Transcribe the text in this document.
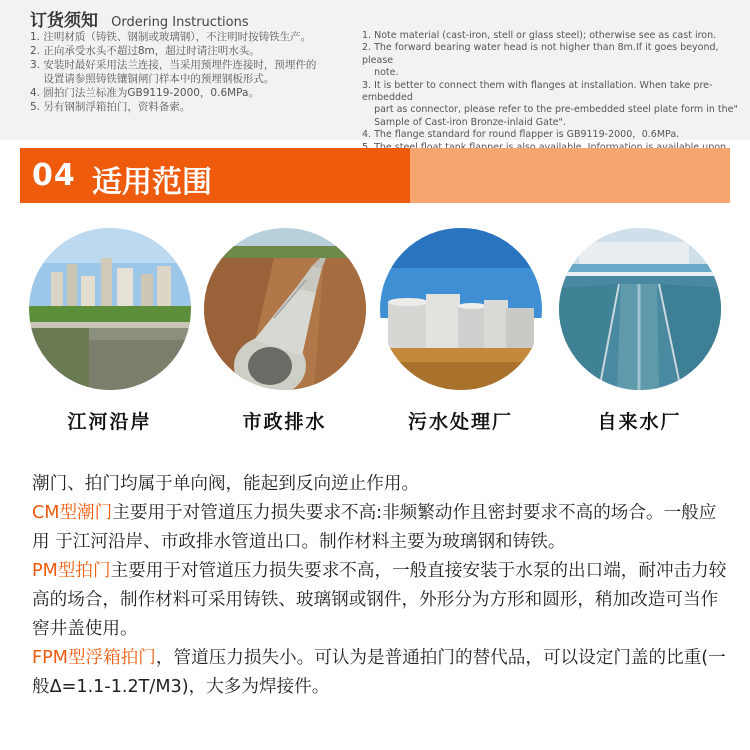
订货须知 Ordering Instructions
1. 注明材质（铸铁、钢制或玻璃钢），不注明时按铸铁生产。
2. 正向承受水头不超过8m，超过时请注明水头。
3. 安装时最好采用法兰连接，当采用预埋件连接时，预埋件的
设置请参照铸铁镶铜闸门样本中的预埋钢板形式。
4. 圆拍门法兰标准为GB9119-2000，0.6MPa。
5. 另有钢制浮箱拍门，资料备索。
1. Note material (cast-iron, stell or glass steel); otherwise see as cast iron.
2. The forward bearing water head is not higher than 8m.If it goes beyond, please
note.
3. It is better to connect them with flanges at installation. When take pre-embedded
part as connector, please refer to the pre-embedded steel plate form in the"
Sample of Cast-iron Bronze-inlaid Gate".
4. The flange standard for round flapper is GB9119-2000，0.6MPa.
04 适用范围
江河沿岸	市政排水	污水处理厂	自来水厂

潮门、拍门均属于单向阀，能起到反向逆止作用。

CM型潮门主要用于对管道压力损失要求不高:非频繁动作且密封要求不高的场合。一般应用 于江河沿岸、市政排水管道出口。制作材料主要为玻璃钢和铸铁。

PM型拍门主要用于对管道压力损失要求不高，一般直接安装于水泵的出口端，耐冲击力较高的场合，制作材料可采用铸铁、玻璃钢或钢件，外形分为方形和圆形，稍加改造可当作窖井盖使用。

FPM型浮箱拍门，管道压力损失小。可认为是普通拍门的替代品，可以设定门盖的比重(一般Δ=1.1-1.2T/M3)，大多为焊接件。
